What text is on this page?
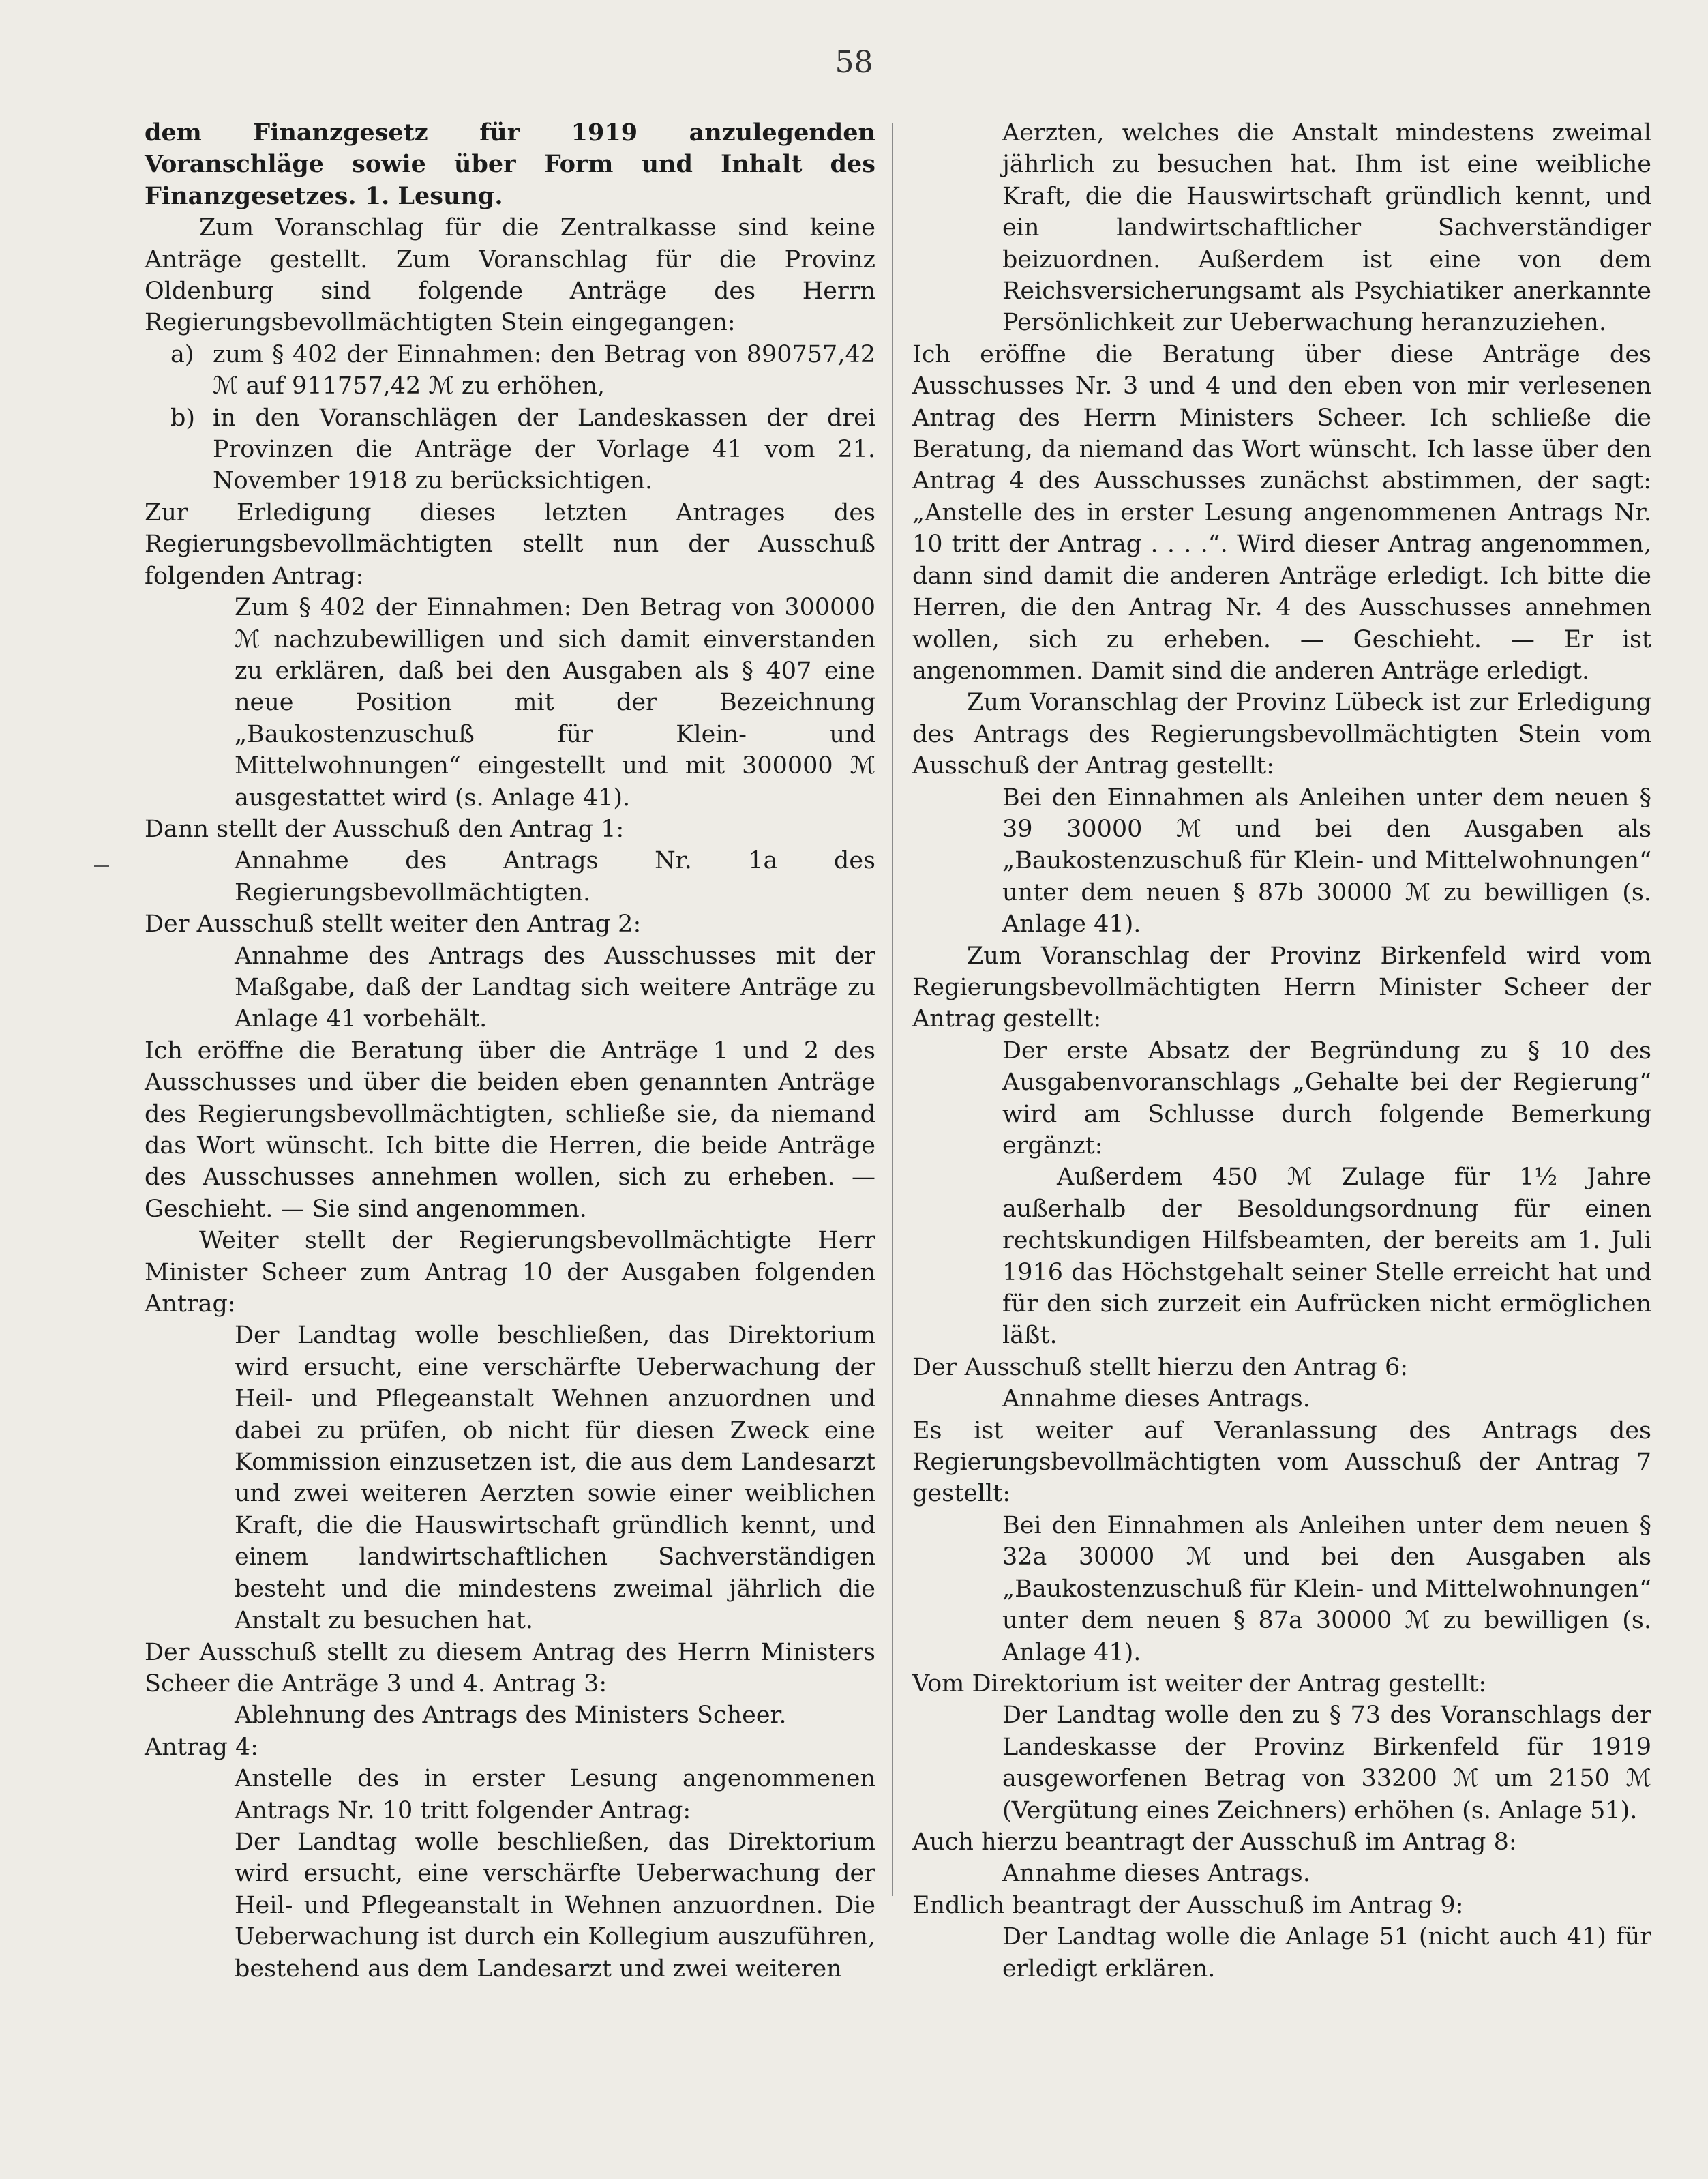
58

dem Finanzgesetz für 1919 anzulegenden Voranschläge sowie über Form und Inhalt des Finanzgesetzes. 1. Lesung.

Zum Voranschlag für die Zentralkasse sind keine Anträge gestellt. Zum Voranschlag für die Provinz Oldenburg sind folgende Anträge des Herrn Regierungsbevollmächtigten Stein eingegangen:

a) zum § 402 der Einnahmen: den Betrag von 890757,42 ℳ auf 911757,42 ℳ zu erhöhen,
b) in den Voranschlägen der Landeskassen der drei Provinzen die Anträge der Vorlage 41 vom 21. November 1918 zu berücksichtigen.

Zur Erledigung dieses letzten Antrages des Regierungsbevollmächtigten stellt nun der Ausschuß folgenden Antrag:

Zum § 402 der Einnahmen: Den Betrag von 300000 ℳ nachzubewilligen und sich damit einverstanden zu erklären, daß bei den Ausgaben als § 407 eine neue Position mit der Bezeichnung „Baukostenzuschuß für Klein- und Mittelwohnungen“ eingestellt und mit 300000 ℳ ausgestattet wird (s. Anlage 41).

Dann stellt der Ausschuß den Antrag 1:

Annahme des Antrags Nr. 1a des Regierungsbevollmächtigten.

Der Ausschuß stellt weiter den Antrag 2:

Annahme des Antrags des Ausschusses mit der Maßgabe, daß der Landtag sich weitere Anträge zu Anlage 41 vorbehält.

Ich eröffne die Beratung über die Anträge 1 und 2 des Ausschusses und über die beiden eben genannten Anträge des Regierungsbevollmächtigten, schließe sie, da niemand das Wort wünscht. Ich bitte die Herren, die beide Anträge des Ausschusses annehmen wollen, sich zu erheben. — Geschieht. — Sie sind angenommen.

Weiter stellt der Regierungsbevollmächtigte Herr Minister Scheer zum Antrag 10 der Ausgaben folgenden Antrag:

Der Landtag wolle beschließen, das Direktorium wird ersucht, eine verschärfte Ueberwachung der Heil- und Pflegeanstalt Wehnen anzuordnen und dabei zu prüfen, ob nicht für diesen Zweck eine Kommission einzusetzen ist, die aus dem Landesarzt und zwei weiteren Aerzten sowie einer weiblichen Kraft, die die Hauswirtschaft gründlich kennt, und einem landwirtschaftlichen Sachverständigen besteht und die mindestens zweimal jährlich die Anstalt zu besuchen hat.

Der Ausschuß stellt zu diesem Antrag des Herrn Ministers Scheer die Anträge 3 und 4. Antrag 3:

Ablehnung des Antrags des Ministers Scheer.

Antrag 4:

Anstelle des in erster Lesung angenommenen Antrags Nr. 10 tritt folgender Antrag:

Der Landtag wolle beschließen, das Direktorium wird ersucht, eine verschärfte Ueberwachung der Heil- und Pflegeanstalt in Wehnen anzuordnen. Die Ueberwachung ist durch ein Kollegium auszuführen, bestehend aus dem Landesarzt und zwei weiteren

Aerzten, welches die Anstalt mindestens zweimal jährlich zu besuchen hat. Ihm ist eine weibliche Kraft, die die Hauswirtschaft gründlich kennt, und ein landwirtschaftlicher Sachverständiger beizuordnen. Außerdem ist eine von dem Reichsversicherungsamt als Psychiatiker anerkannte Persönlichkeit zur Ueberwachung heranzuziehen.

Ich eröffne die Beratung über diese Anträge des Ausschusses Nr. 3 und 4 und den eben von mir verlesenen Antrag des Herrn Ministers Scheer. Ich schließe die Beratung, da niemand das Wort wünscht. Ich lasse über den Antrag 4 des Ausschusses zunächst abstimmen, der sagt: „Anstelle des in erster Lesung angenommenen Antrags Nr. 10 tritt der Antrag . . . .“. Wird dieser Antrag angenommen, dann sind damit die anderen Anträge erledigt. Ich bitte die Herren, die den Antrag Nr. 4 des Ausschusses annehmen wollen, sich zu erheben. — Geschieht. — Er ist angenommen. Damit sind die anderen Anträge erledigt.

Zum Voranschlag der Provinz Lübeck ist zur Erledigung des Antrags des Regierungsbevollmächtigten Stein vom Ausschuß der Antrag gestellt:

Bei den Einnahmen als Anleihen unter dem neuen § 39 30000 ℳ und bei den Ausgaben als „Baukostenzuschuß für Klein- und Mittelwohnungen“ unter dem neuen § 87b 30000 ℳ zu bewilligen (s. Anlage 41).

Zum Voranschlag der Provinz Birkenfeld wird vom Regierungsbevollmächtigten Herrn Minister Scheer der Antrag gestellt:

Der erste Absatz der Begründung zu § 10 des Ausgabenvoranschlags „Gehalte bei der Regierung“ wird am Schlusse durch folgende Bemerkung ergänzt:

Außerdem 450 ℳ Zulage für 1½ Jahre außerhalb der Besoldungsordnung für einen rechtskundigen Hilfsbeamten, der bereits am 1. Juli 1916 das Höchstgehalt seiner Stelle erreicht hat und für den sich zurzeit ein Aufrücken nicht ermöglichen läßt.

Der Ausschuß stellt hierzu den Antrag 6:

Annahme dieses Antrags.

Es ist weiter auf Veranlassung des Antrags des Regierungsbevollmächtigten vom Ausschuß der Antrag 7 gestellt:

Bei den Einnahmen als Anleihen unter dem neuen § 32a 30000 ℳ und bei den Ausgaben als „Baukostenzuschuß für Klein- und Mittelwohnungen“ unter dem neuen § 87a 30000 ℳ zu bewilligen (s. Anlage 41).

Vom Direktorium ist weiter der Antrag gestellt:

Der Landtag wolle den zu § 73 des Voranschlags der Landeskasse der Provinz Birkenfeld für 1919 ausgeworfenen Betrag von 33200 ℳ um 2150 ℳ (Vergütung eines Zeichners) erhöhen (s. Anlage 51).

Auch hierzu beantragt der Ausschuß im Antrag 8:

Annahme dieses Antrags.

Endlich beantragt der Ausschuß im Antrag 9:

Der Landtag wolle die Anlage 51 (nicht auch 41) für erledigt erklären.
